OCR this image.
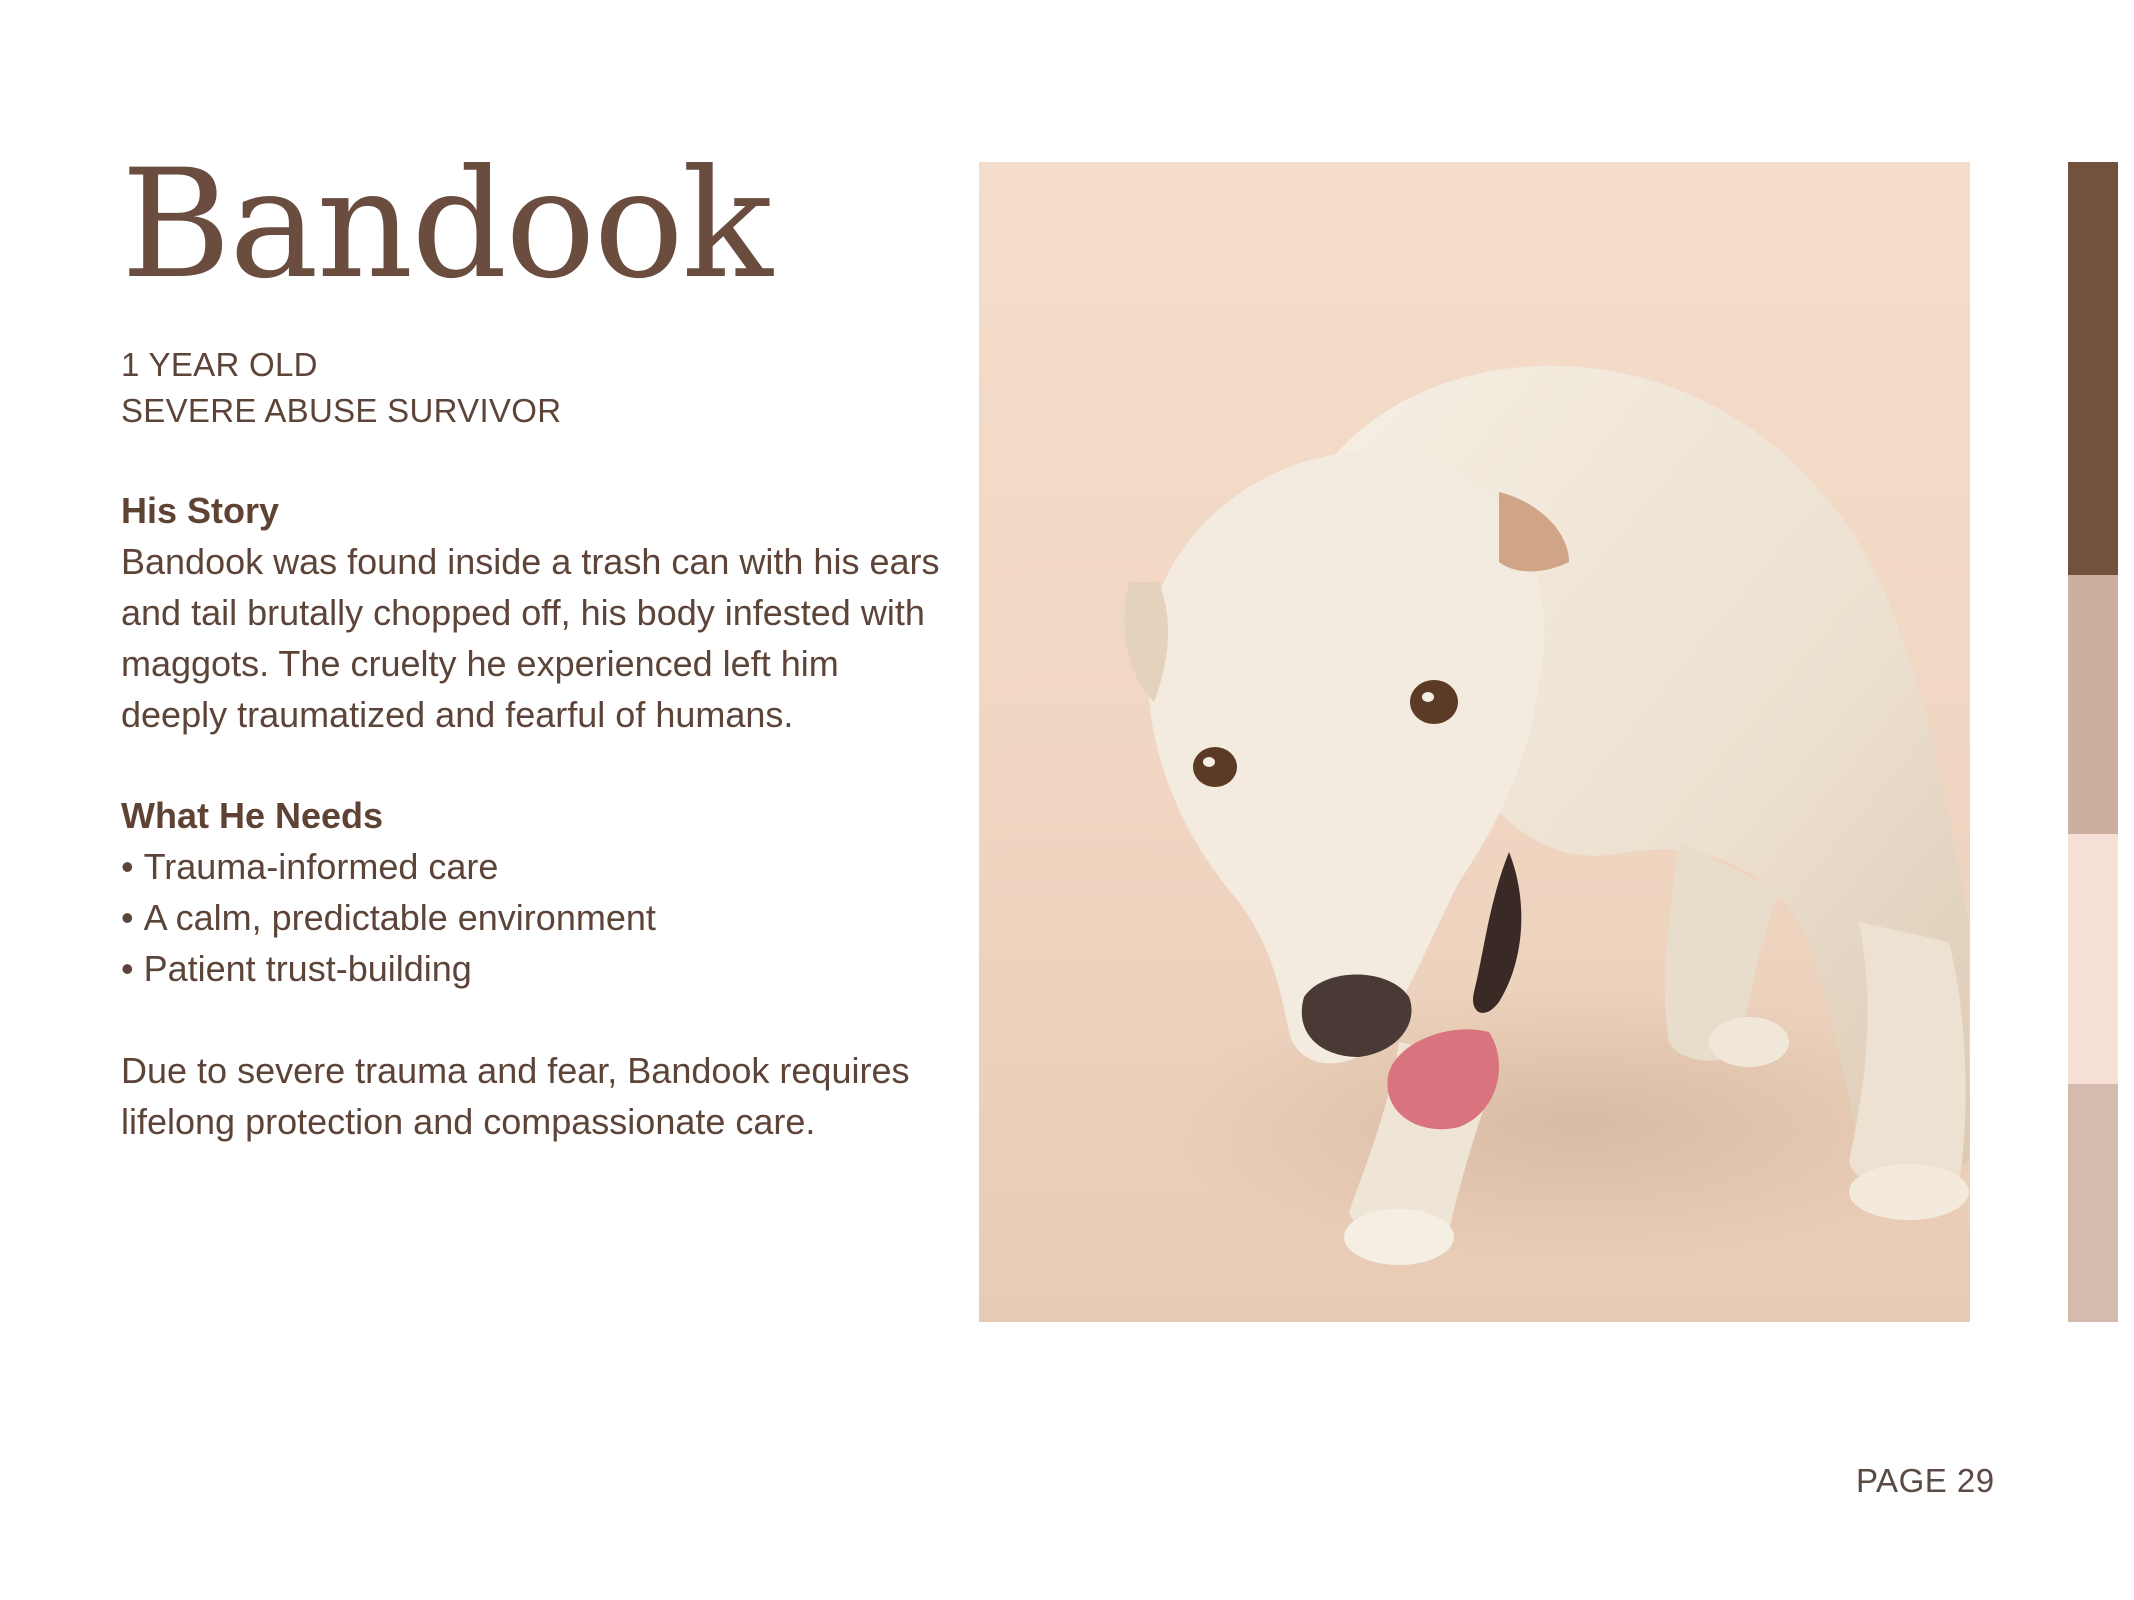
Bandook
1 YEAR OLD
SEVERE ABUSE SURVIVOR
His Story
Bandook was found inside a trash can with his ears and tail brutally chopped off, his body infested with maggots. The cruelty he experienced left him deeply traumatized and fearful of humans.
What He Needs
• Trauma-informed care
• A calm, predictable environment
• Patient trust-building
Due to severe trauma and fear, Bandook requires lifelong protection and compassionate care.
PAGE 29
